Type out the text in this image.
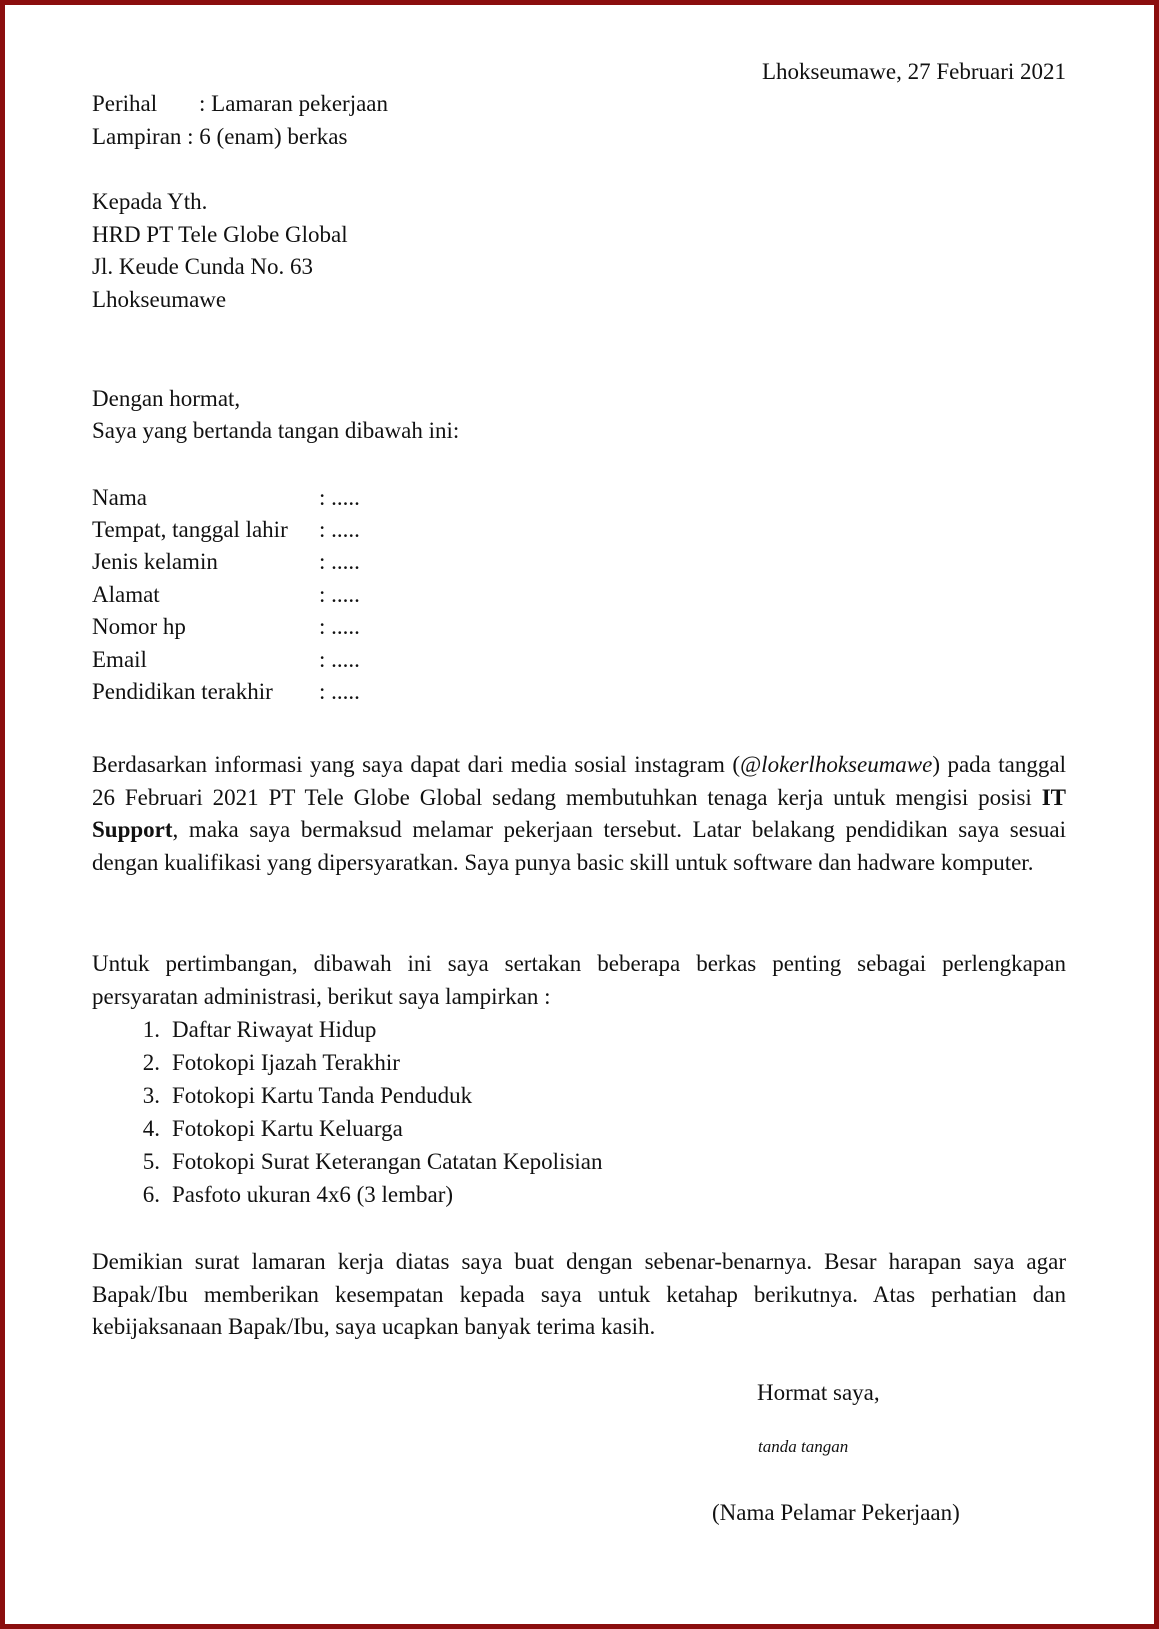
Lhokseumawe, 27 Februari 2021
Perihal : Lamaran pekerjaan
Lampiran : 6 (enam) berkas
Kepada Yth.
HRD PT Tele Globe Global
Jl. Keude Cunda No. 63
Lhokseumawe
Dengan hormat,
Saya yang bertanda tangan dibawah ini:
Nama	: .....
Tempat, tanggal lahir : .....
Jenis kelamin	: .....
Alamat	: .....
Nomor hp	: .....
Email	: .....
Pendidikan terakhir : .....
Berdasarkan informasi yang saya dapat dari media sosial instagram (@lokerlhokseumawe) pada tanggal 26 Februari 2021 PT Tele Globe Global sedang membutuhkan tenaga kerja untuk mengisi posisi IT Support, maka saya bermaksud melamar pekerjaan tersebut. Latar belakang pendidikan saya sesuai dengan kualifikasi yang dipersyaratkan. Saya punya basic skill untuk software dan hadware komputer.
Untuk pertimbangan, dibawah ini saya sertakan beberapa berkas penting sebagai perlengkapan persyaratan administrasi, berikut saya lampirkan :
1. Daftar Riwayat Hidup
2. Fotokopi Ijazah Terakhir
3. Fotokopi Kartu Tanda Penduduk
4. Fotokopi Kartu Keluarga
5. Fotokopi Surat Keterangan Catatan Kepolisian
6. Pasfoto ukuran 4x6 (3 lembar)
Demikian surat lamaran kerja diatas saya buat dengan sebenar-benarnya. Besar harapan saya agar Bapak/Ibu memberikan kesempatan kepada saya untuk ketahap berikutnya. Atas perhatian dan kebijaksanaan Bapak/Ibu, saya ucapkan banyak terima kasih.
Hormat saya,
tanda tangan
(Nama Pelamar Pekerjaan)
